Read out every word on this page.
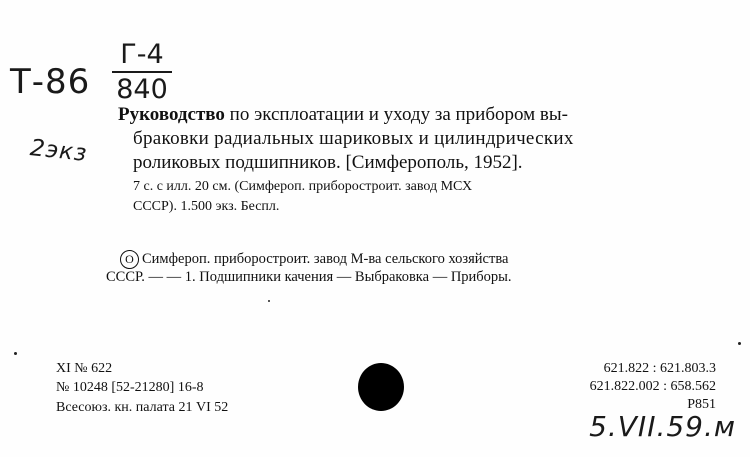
Т-86
Г-4
840
2экз
Руководство по эксплоатации и уходу за прибором вы-
браковки радиальных шариковых и цилиндрических
роликовых подшипников. [Симферополь, 1952].
7 с. с илл. 20 см. (Симфероп. приборостроит. завод МСХ
СССР). 1.500 экз. Беспл.
О Симфероп. приборостроит. завод М-ва сельского хозяйства
СССР. — — 1. Подшипники качения — Выбраковка — Приборы.
XI № 622
№ 10248 [52-21280] 16-8
Всесоюз. кн. палата 21 VI 52
621.822 : 621.803.3
621.822.002 : 658.562
Р851
5.VII.59.м
